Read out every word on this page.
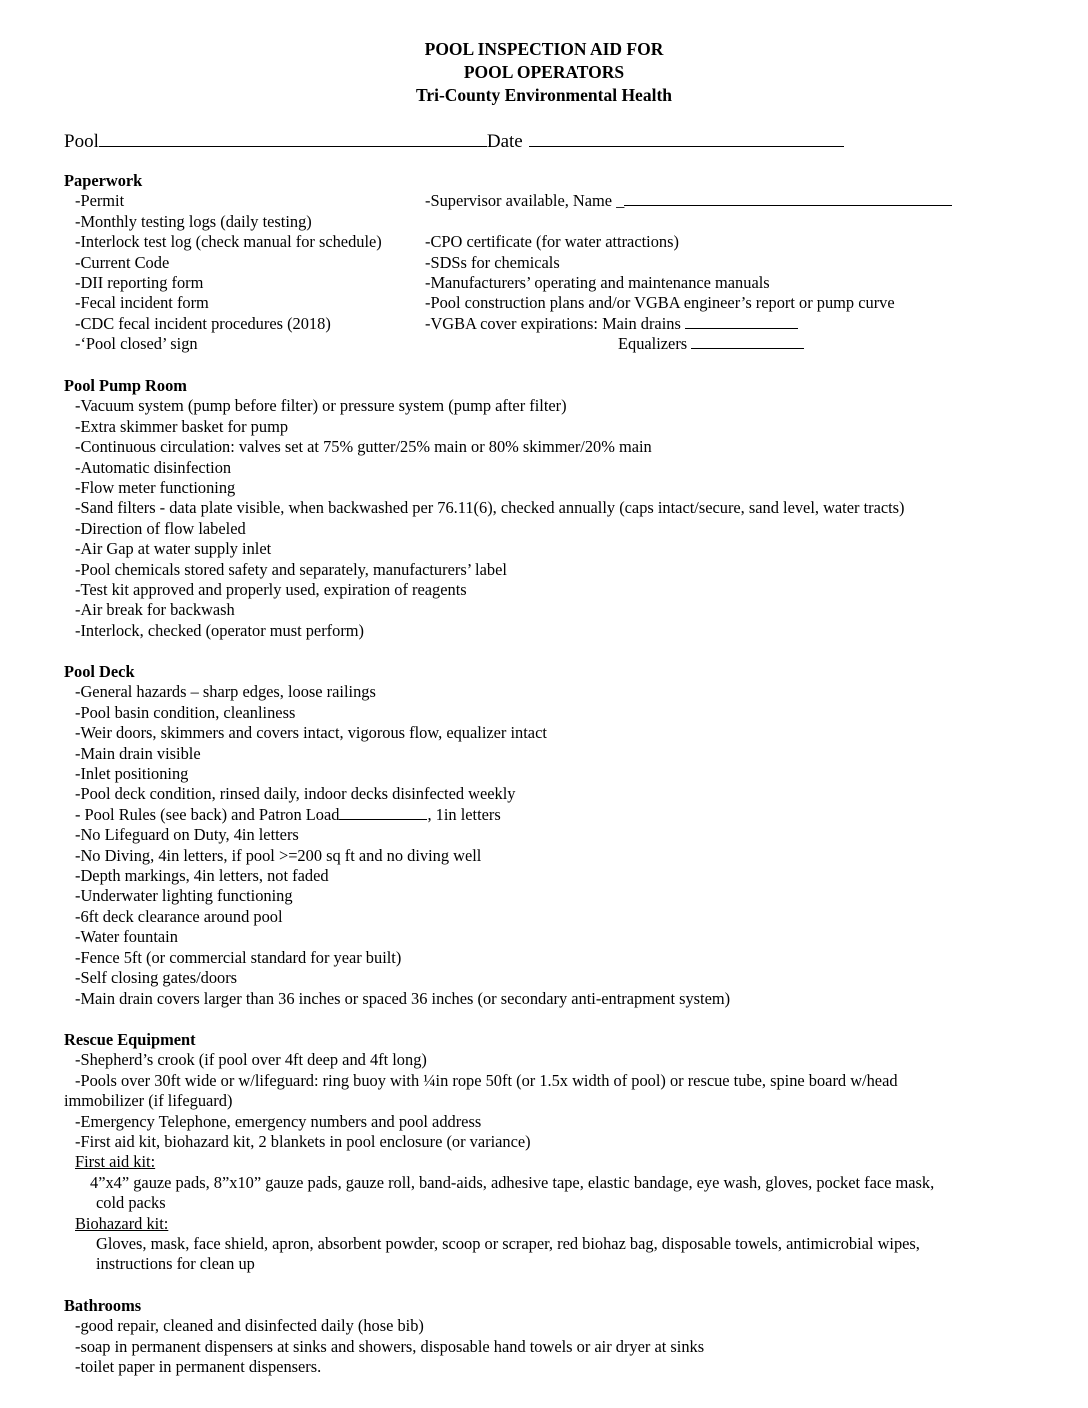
POOL INSPECTION AID FOR
POOL OPERATORS
Tri-County Environmental Health
Pool	Date
Paperwork
-Permit
-Monthly testing logs (daily testing)
-Interlock test log (check manual for schedule)
-Current Code
-DII reporting form
-Fecal incident form
-CDC fecal incident procedures (2018)
-‘Pool closed’ sign
-Supervisor available, Name _
-CPO certificate (for water attractions)
-SDSs for chemicals
-Manufacturers’ operating and maintenance manuals
-Pool construction plans and/or VGBA engineer’s report or pump curve
-VGBA cover expirations: Main drains
Equalizers
Pool Pump Room
-Vacuum system (pump before filter) or pressure system (pump after filter)
-Extra skimmer basket for pump
-Continuous circulation: valves set at 75% gutter/25% main or 80% skimmer/20% main
-Automatic disinfection
-Flow meter functioning
-Sand filters - data plate visible, when backwashed per 76.11(6), checked annually (caps intact/secure, sand level, water tracts)
-Direction of flow labeled
-Air Gap at water supply inlet
-Pool chemicals stored safety and separately, manufacturers’ label
-Test kit approved and properly used, expiration of reagents
-Air break for backwash
-Interlock, checked (operator must perform)
Pool Deck
-General hazards – sharp edges, loose railings
-Pool basin condition, cleanliness
-Weir doors, skimmers and covers intact, vigorous flow, equalizer intact
-Main drain visible
-Inlet positioning
-Pool deck condition, rinsed daily, indoor decks disinfected weekly
- Pool Rules (see back) and Patron Load	, 1in letters
-No Lifeguard on Duty, 4in letters
-No Diving, 4in letters, if pool >=200 sq ft and no diving well
-Depth markings, 4in letters, not faded
-Underwater lighting functioning
-6ft deck clearance around pool
-Water fountain
-Fence 5ft (or commercial standard for year built)
-Self closing gates/doors
-Main drain covers larger than 36 inches or spaced 36 inches (or secondary anti-entrapment system)
Rescue Equipment
-Shepherd’s crook (if pool over 4ft deep and 4ft long)
-Pools over 30ft wide or w/lifeguard: ring buoy with ¼in rope 50ft (or 1.5x width of pool) or rescue tube, spine board w/head
immobilizer (if lifeguard)
-Emergency Telephone, emergency numbers and pool address
-First aid kit, biohazard kit, 2 blankets in pool enclosure (or variance)
First aid kit:
4”x4” gauze pads, 8”x10” gauze pads, gauze roll, band-aids, adhesive tape, elastic bandage, eye wash, gloves, pocket face mask,
cold packs
Biohazard kit:
Gloves, mask, face shield, apron, absorbent powder, scoop or scraper, red biohaz bag, disposable towels, antimicrobial wipes,
instructions for clean up
Bathrooms
-good repair, cleaned and disinfected daily (hose bib)
-soap in permanent dispensers at sinks and showers, disposable hand towels or air dryer at sinks
-toilet paper in permanent dispensers.
